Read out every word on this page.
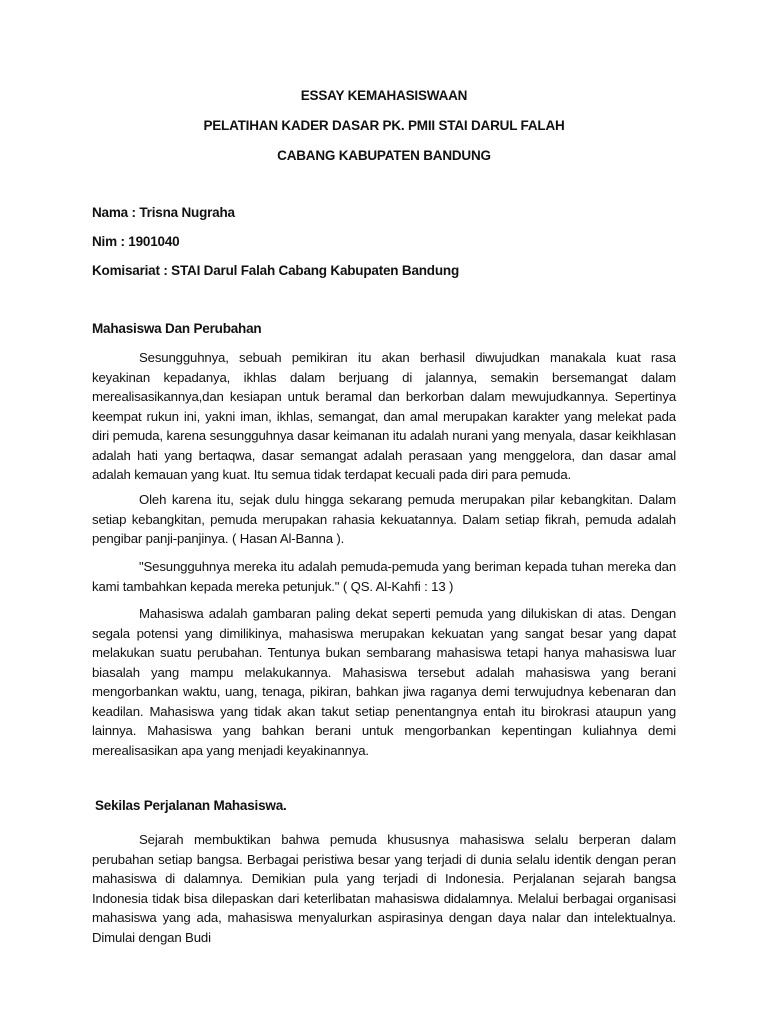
ESSAY KEMAHASISWAAN
PELATIHAN KADER DASAR PK. PMII STAI DARUL FALAH
CABANG KABUPATEN BANDUNG
Nama : Trisna Nugraha
Nim : 1901040
Komisariat : STAI Darul Falah Cabang Kabupaten Bandung
Mahasiswa Dan Perubahan

Sesungguhnya, sebuah pemikiran itu akan berhasil diwujudkan manakala kuat rasa keyakinan kepadanya, ikhlas dalam berjuang di jalannya, semakin bersemangat dalam merealisasikannya,dan kesiapan untuk beramal dan berkorban dalam mewujudkannya. Sepertinya keempat rukun ini, yakni iman, ikhlas, semangat, dan amal merupakan karakter yang melekat pada diri pemuda, karena sesungguhnya dasar keimanan itu adalah nurani yang menyala, dasar keikhlasan adalah hati yang bertaqwa, dasar semangat adalah perasaan yang menggelora, dan dasar amal adalah kemauan yang kuat. Itu semua tidak terdapat kecuali pada diri para pemuda.

Oleh karena itu, sejak dulu hingga sekarang pemuda merupakan pilar kebangkitan. Dalam setiap kebangkitan, pemuda merupakan rahasia kekuatannya. Dalam setiap fikrah, pemuda adalah pengibar panji-panjinya. ( Hasan Al-Banna ).

"Sesungguhnya mereka itu adalah pemuda-pemuda yang beriman kepada tuhan mereka dan kami tambahkan kepada mereka petunjuk." ( QS. Al-Kahfi : 13 )

Mahasiswa adalah gambaran paling dekat seperti pemuda yang dilukiskan di atas. Dengan segala potensi yang dimilikinya, mahasiswa merupakan kekuatan yang sangat besar yang dapat melakukan suatu perubahan. Tentunya bukan sembarang mahasiswa tetapi hanya mahasiswa luar biasalah yang mampu melakukannya. Mahasiswa tersebut adalah mahasiswa yang berani mengorbankan waktu, uang, tenaga, pikiran, bahkan jiwa raganya demi terwujudnya kebenaran dan keadilan. Mahasiswa yang tidak akan takut setiap penentangnya entah itu birokrasi ataupun yang lainnya. Mahasiswa yang bahkan berani untuk mengorbankan kepentingan kuliahnya demi merealisasikan apa yang menjadi keyakinannya.

Sekilas Perjalanan Mahasiswa.

Sejarah membuktikan bahwa pemuda khususnya mahasiswa selalu berperan dalam perubahan setiap bangsa. Berbagai peristiwa besar yang terjadi di dunia selalu identik dengan peran mahasiswa di dalamnya. Demikian pula yang terjadi di Indonesia. Perjalanan sejarah bangsa Indonesia tidak bisa dilepaskan dari keterlibatan mahasiswa didalamnya. Melalui berbagai organisasi mahasiswa yang ada, mahasiswa menyalurkan aspirasinya dengan daya nalar dan intelektualnya. Dimulai dengan Budi
